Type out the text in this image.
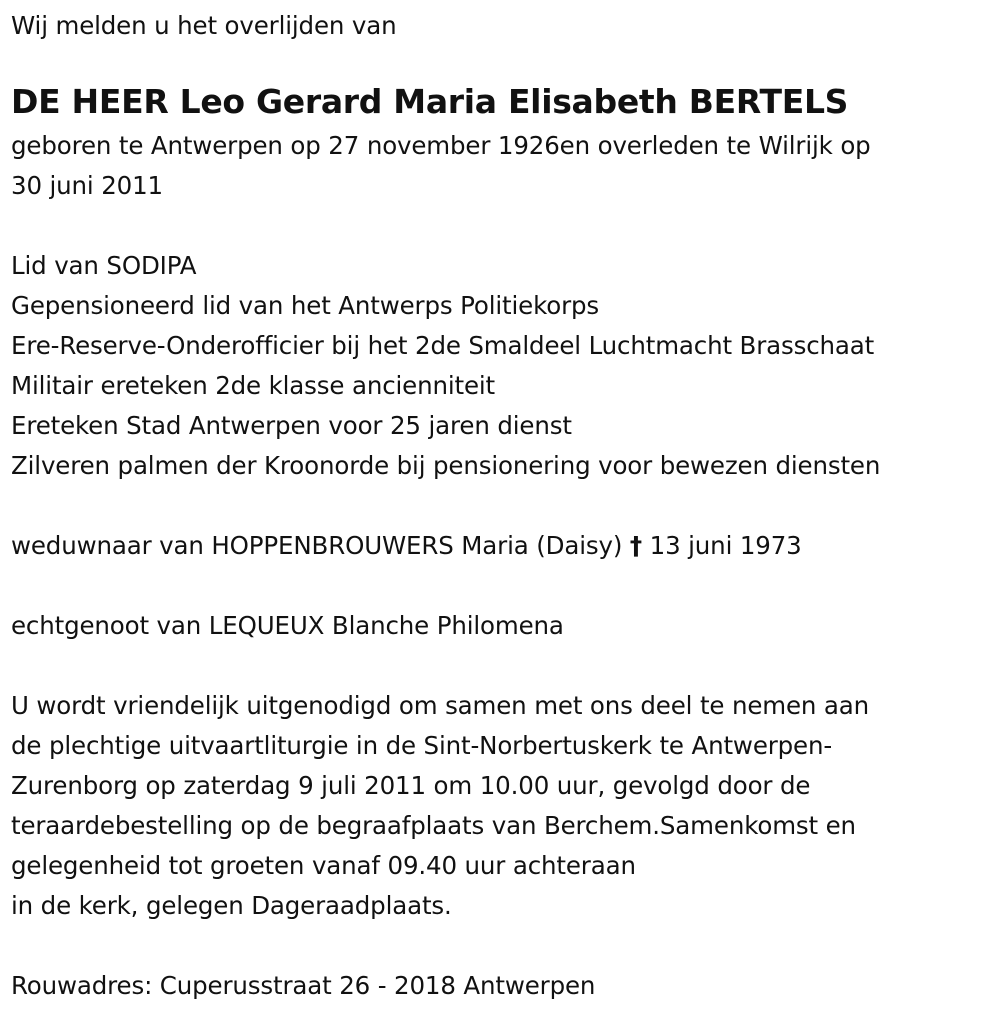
Wij melden u het overlijden van
DE HEER Leo Gerard Maria Elisabeth BERTELS
geboren te Antwerpen op 27 november 1926en overleden te Wilrijk op
30 juni 2011
Lid van SODIPA
Gepensioneerd lid van het Antwerps Politiekorps
Ere-Reserve-Onderofficier bij het 2de Smaldeel Luchtmacht Brasschaat
Militair ereteken 2de klasse ancienniteit
Ereteken Stad Antwerpen voor 25 jaren dienst
Zilveren palmen der Kroonorde bij pensionering voor bewezen diensten
weduwnaar van HOPPENBROUWERS Maria (Daisy) † 13 juni 1973
echtgenoot van LEQUEUX Blanche Philomena
U wordt vriendelijk uitgenodigd om samen met ons deel te nemen aan
de plechtige uitvaartliturgie in de Sint-Norbertuskerk te Antwerpen-
Zurenborg op zaterdag 9 juli 2011 om 10.00 uur, gevolgd door de
teraardebestelling op de begraafplaats van Berchem.Samenkomst en
gelegenheid tot groeten vanaf 09.40 uur achteraan
in de kerk, gelegen Dageraadplaats.
Rouwadres: Cuperusstraat 26 - 2018 Antwerpen
